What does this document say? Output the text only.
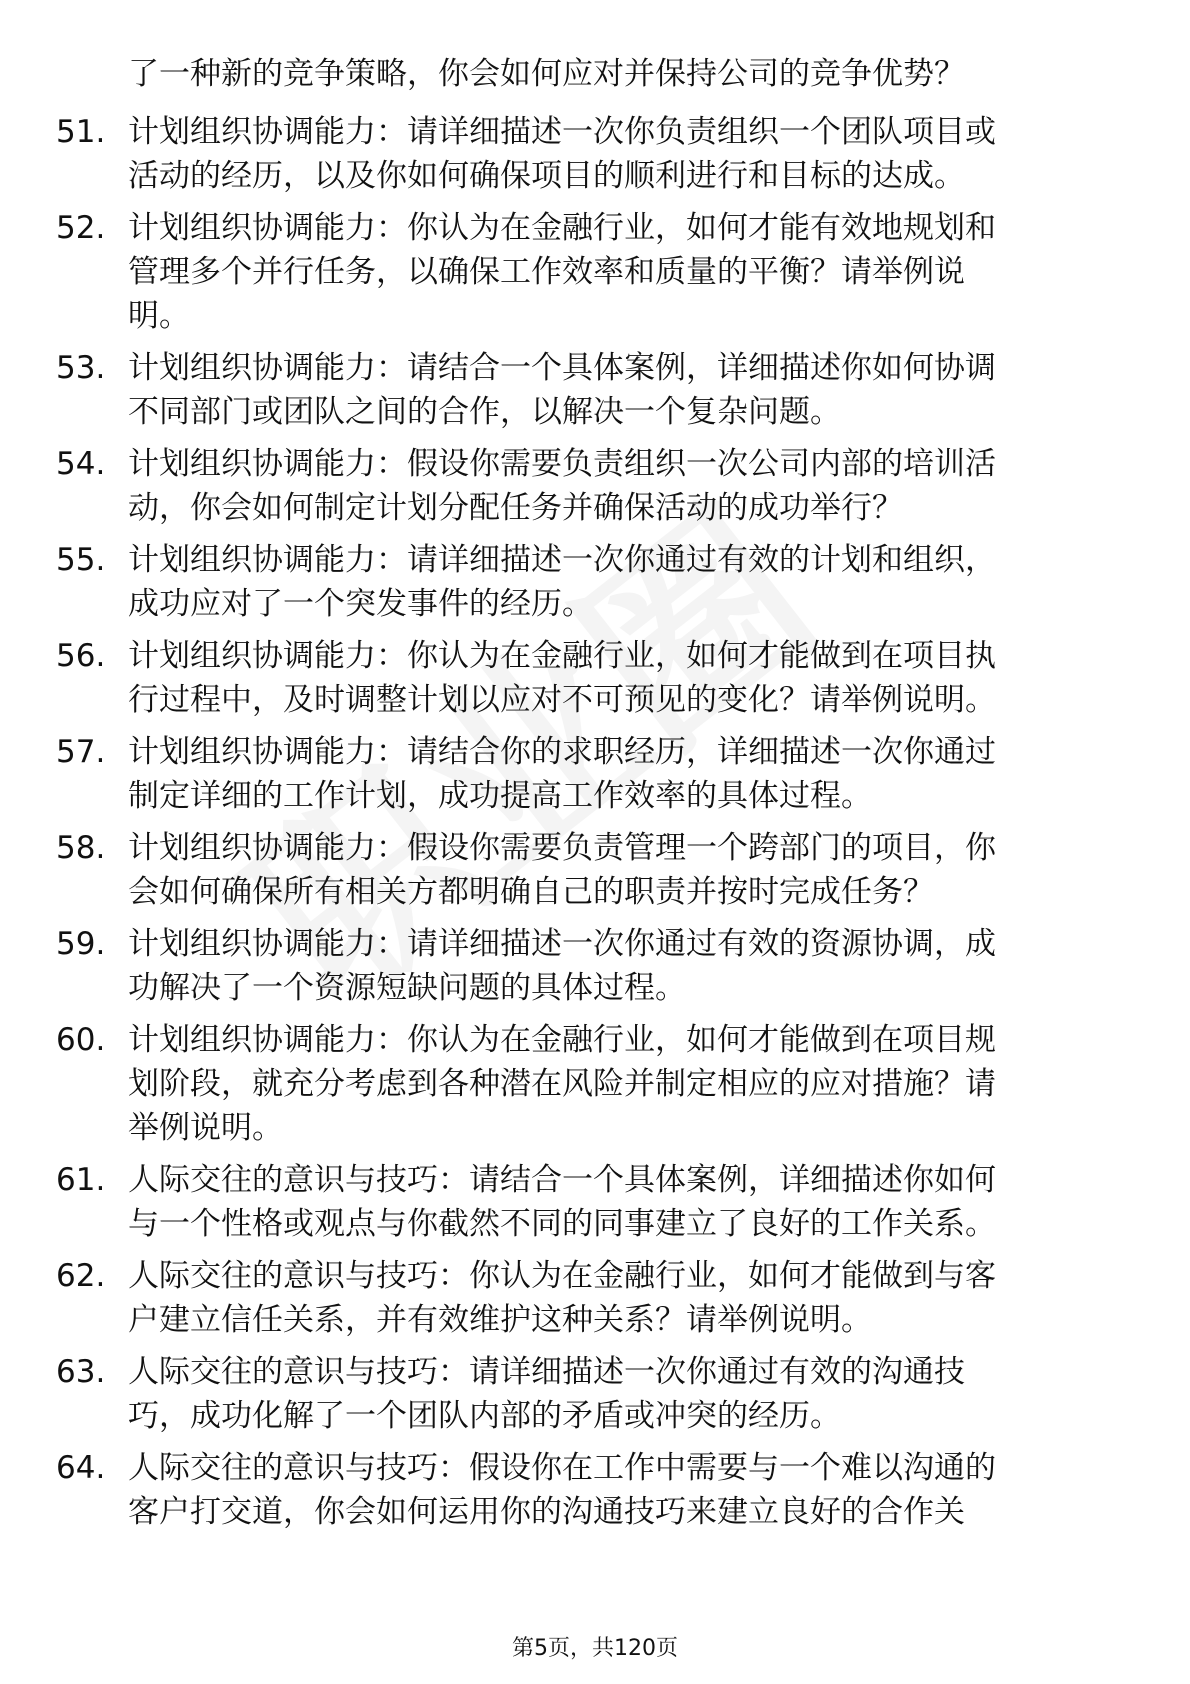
了一种新的竞争策略，你会如何应对并保持公司的竞争优势？
51. 计划组织协调能力：请详细描述一次你负责组织一个团队项目或
活动的经历，以及你如何确保项目的顺利进行和目标的达成。
52. 计划组织协调能力：你认为在金融行业，如何才能有效地规划和
管理多个并行任务，以确保工作效率和质量的平衡？请举例说
明。
53. 计划组织协调能力：请结合一个具体案例，详细描述你如何协调
不同部门或团队之间的合作，以解决一个复杂问题。
54. 计划组织协调能力：假设你需要负责组织一次公司内部的培训活
动，你会如何制定计划分配任务并确保活动的成功举行？
55. 计划组织协调能力：请详细描述一次你通过有效的计划和组织，
成功应对了一个突发事件的经历。
56. 计划组织协调能力：你认为在金融行业，如何才能做到在项目执
行过程中，及时调整计划以应对不可预见的变化？请举例说明。
57. 计划组织协调能力：请结合你的求职经历，详细描述一次你通过
制定详细的工作计划，成功提高工作效率的具体过程。
58. 计划组织协调能力：假设你需要负责管理一个跨部门的项目，你
会如何确保所有相关方都明确自己的职责并按时完成任务？
59. 计划组织协调能力：请详细描述一次你通过有效的资源协调，成
功解决了一个资源短缺问题的具体过程。
60. 计划组织协调能力：你认为在金融行业，如何才能做到在项目规
划阶段，就充分考虑到各种潜在风险并制定相应的应对措施？请
举例说明。
61. 人际交往的意识与技巧：请结合一个具体案例，详细描述你如何
与一个性格或观点与你截然不同的同事建立了良好的工作关系。
62. 人际交往的意识与技巧：你认为在金融行业，如何才能做到与客
户建立信任关系，并有效维护这种关系？请举例说明。
63. 人际交往的意识与技巧：请详细描述一次你通过有效的沟通技
巧，成功化解了一个团队内部的矛盾或冲突的经历。
64. 人际交往的意识与技巧：假设你在工作中需要与一个难以沟通的
客户打交道，你会如何运用你的沟通技巧来建立良好的合作关
第5页，共120页
